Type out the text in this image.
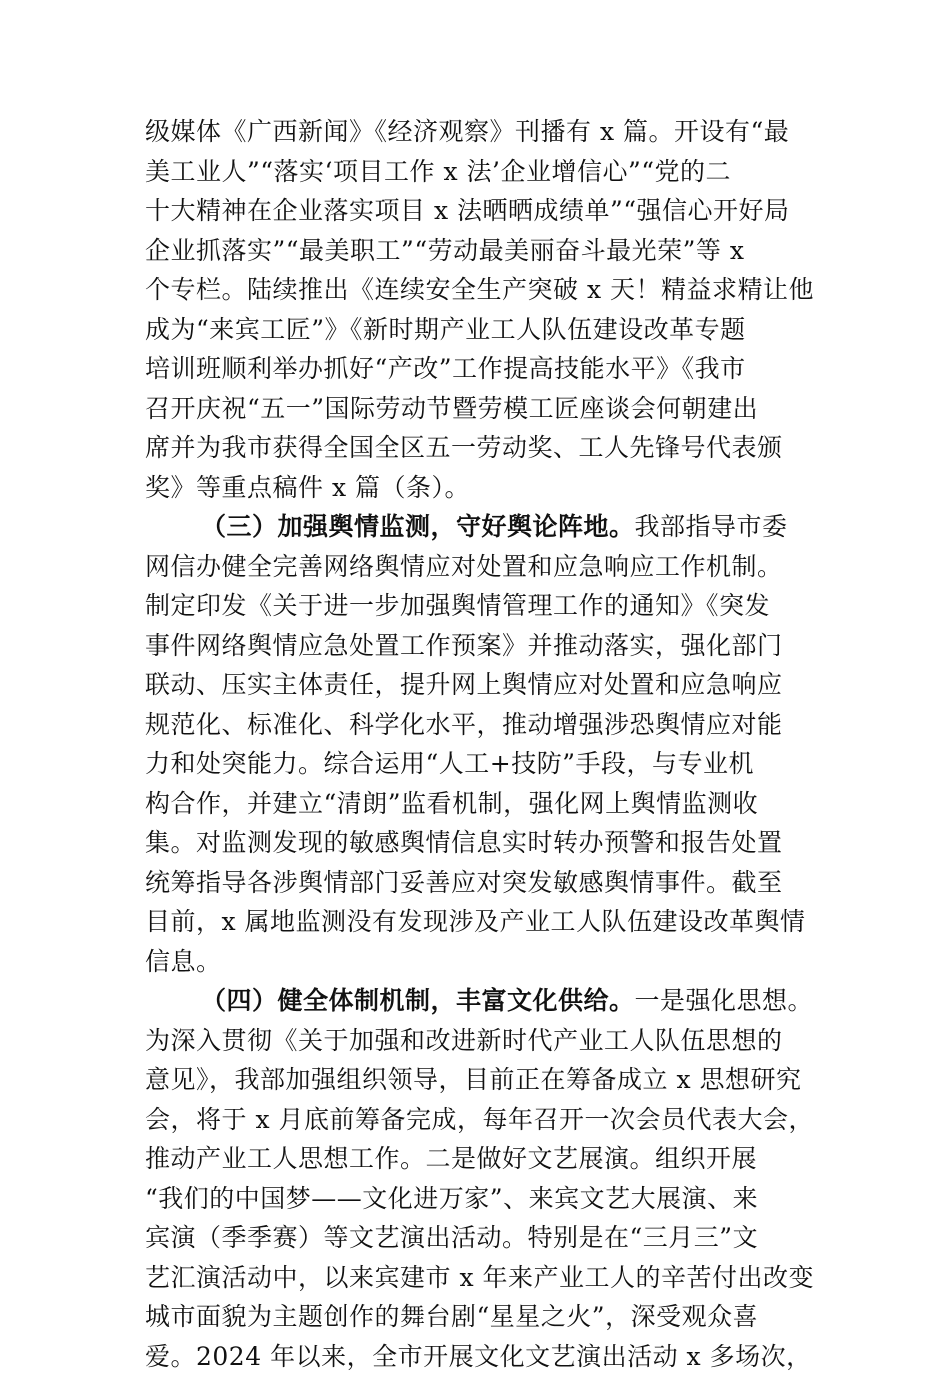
级媒体《广西新闻》《经济观察》刊播有 x 篇。开设有“最
美工业人”“落实‘项目工作 x 法’企业增信心”“党的二
十大精神在企业落实项目 x 法晒晒成绩单”“强信心开好局
企业抓落实”“最美职工”“劳动最美丽奋斗最光荣”等 x
个专栏。陆续推出《连续安全生产突破 x 天！精益求精让他
成为“来宾工匠”》《新时期产业工人队伍建设改革专题
培训班顺利举办抓好“产改”工作提高技能水平》《我市
召开庆祝“五一”国际劳动节暨劳模工匠座谈会何朝建出
席并为我市获得全国全区五一劳动奖、工人先锋号代表颁
奖》等重点稿件 x 篇（条）。
（三）加强舆情监测，守好舆论阵地。我部指导市委
网信办健全完善网络舆情应对处置和应急响应工作机制。
制定印发《关于进一步加强舆情管理工作的通知》《突发
事件网络舆情应急处置工作预案》并推动落实，强化部门
联动、压实主体责任，提升网上舆情应对处置和应急响应
规范化、标准化、科学化水平，推动增强涉恐舆情应对能
力和处突能力。综合运用“人工+技防”手段，与专业机
构合作，并建立“清朗”监看机制，强化网上舆情监测收
集。对监测发现的敏感舆情信息实时转办预警和报告处置
统筹指导各涉舆情部门妥善应对突发敏感舆情事件。截至
目前，x 属地监测没有发现涉及产业工人队伍建设改革舆情
信息。
（四）健全体制机制，丰富文化供给。一是强化思想。
为深入贯彻《关于加强和改进新时代产业工人队伍思想的
意见》，我部加强组织领导，目前正在筹备成立 x 思想研究
会，将于 x 月底前筹备完成，每年召开一次会员代表大会，
推动产业工人思想工作。二是做好文艺展演。组织开展
“我们的中国梦——文化进万家”、来宾文艺大展演、来
宾演（季季赛）等文艺演出活动。特别是在“三月三”文
艺汇演活动中，以来宾建市 x 年来产业工人的辛苦付出改变
城市面貌为主题创作的舞台剧“星星之火”，深受观众喜
爱。2024 年以来，全市开展文化文艺演出活动 x 多场次，
